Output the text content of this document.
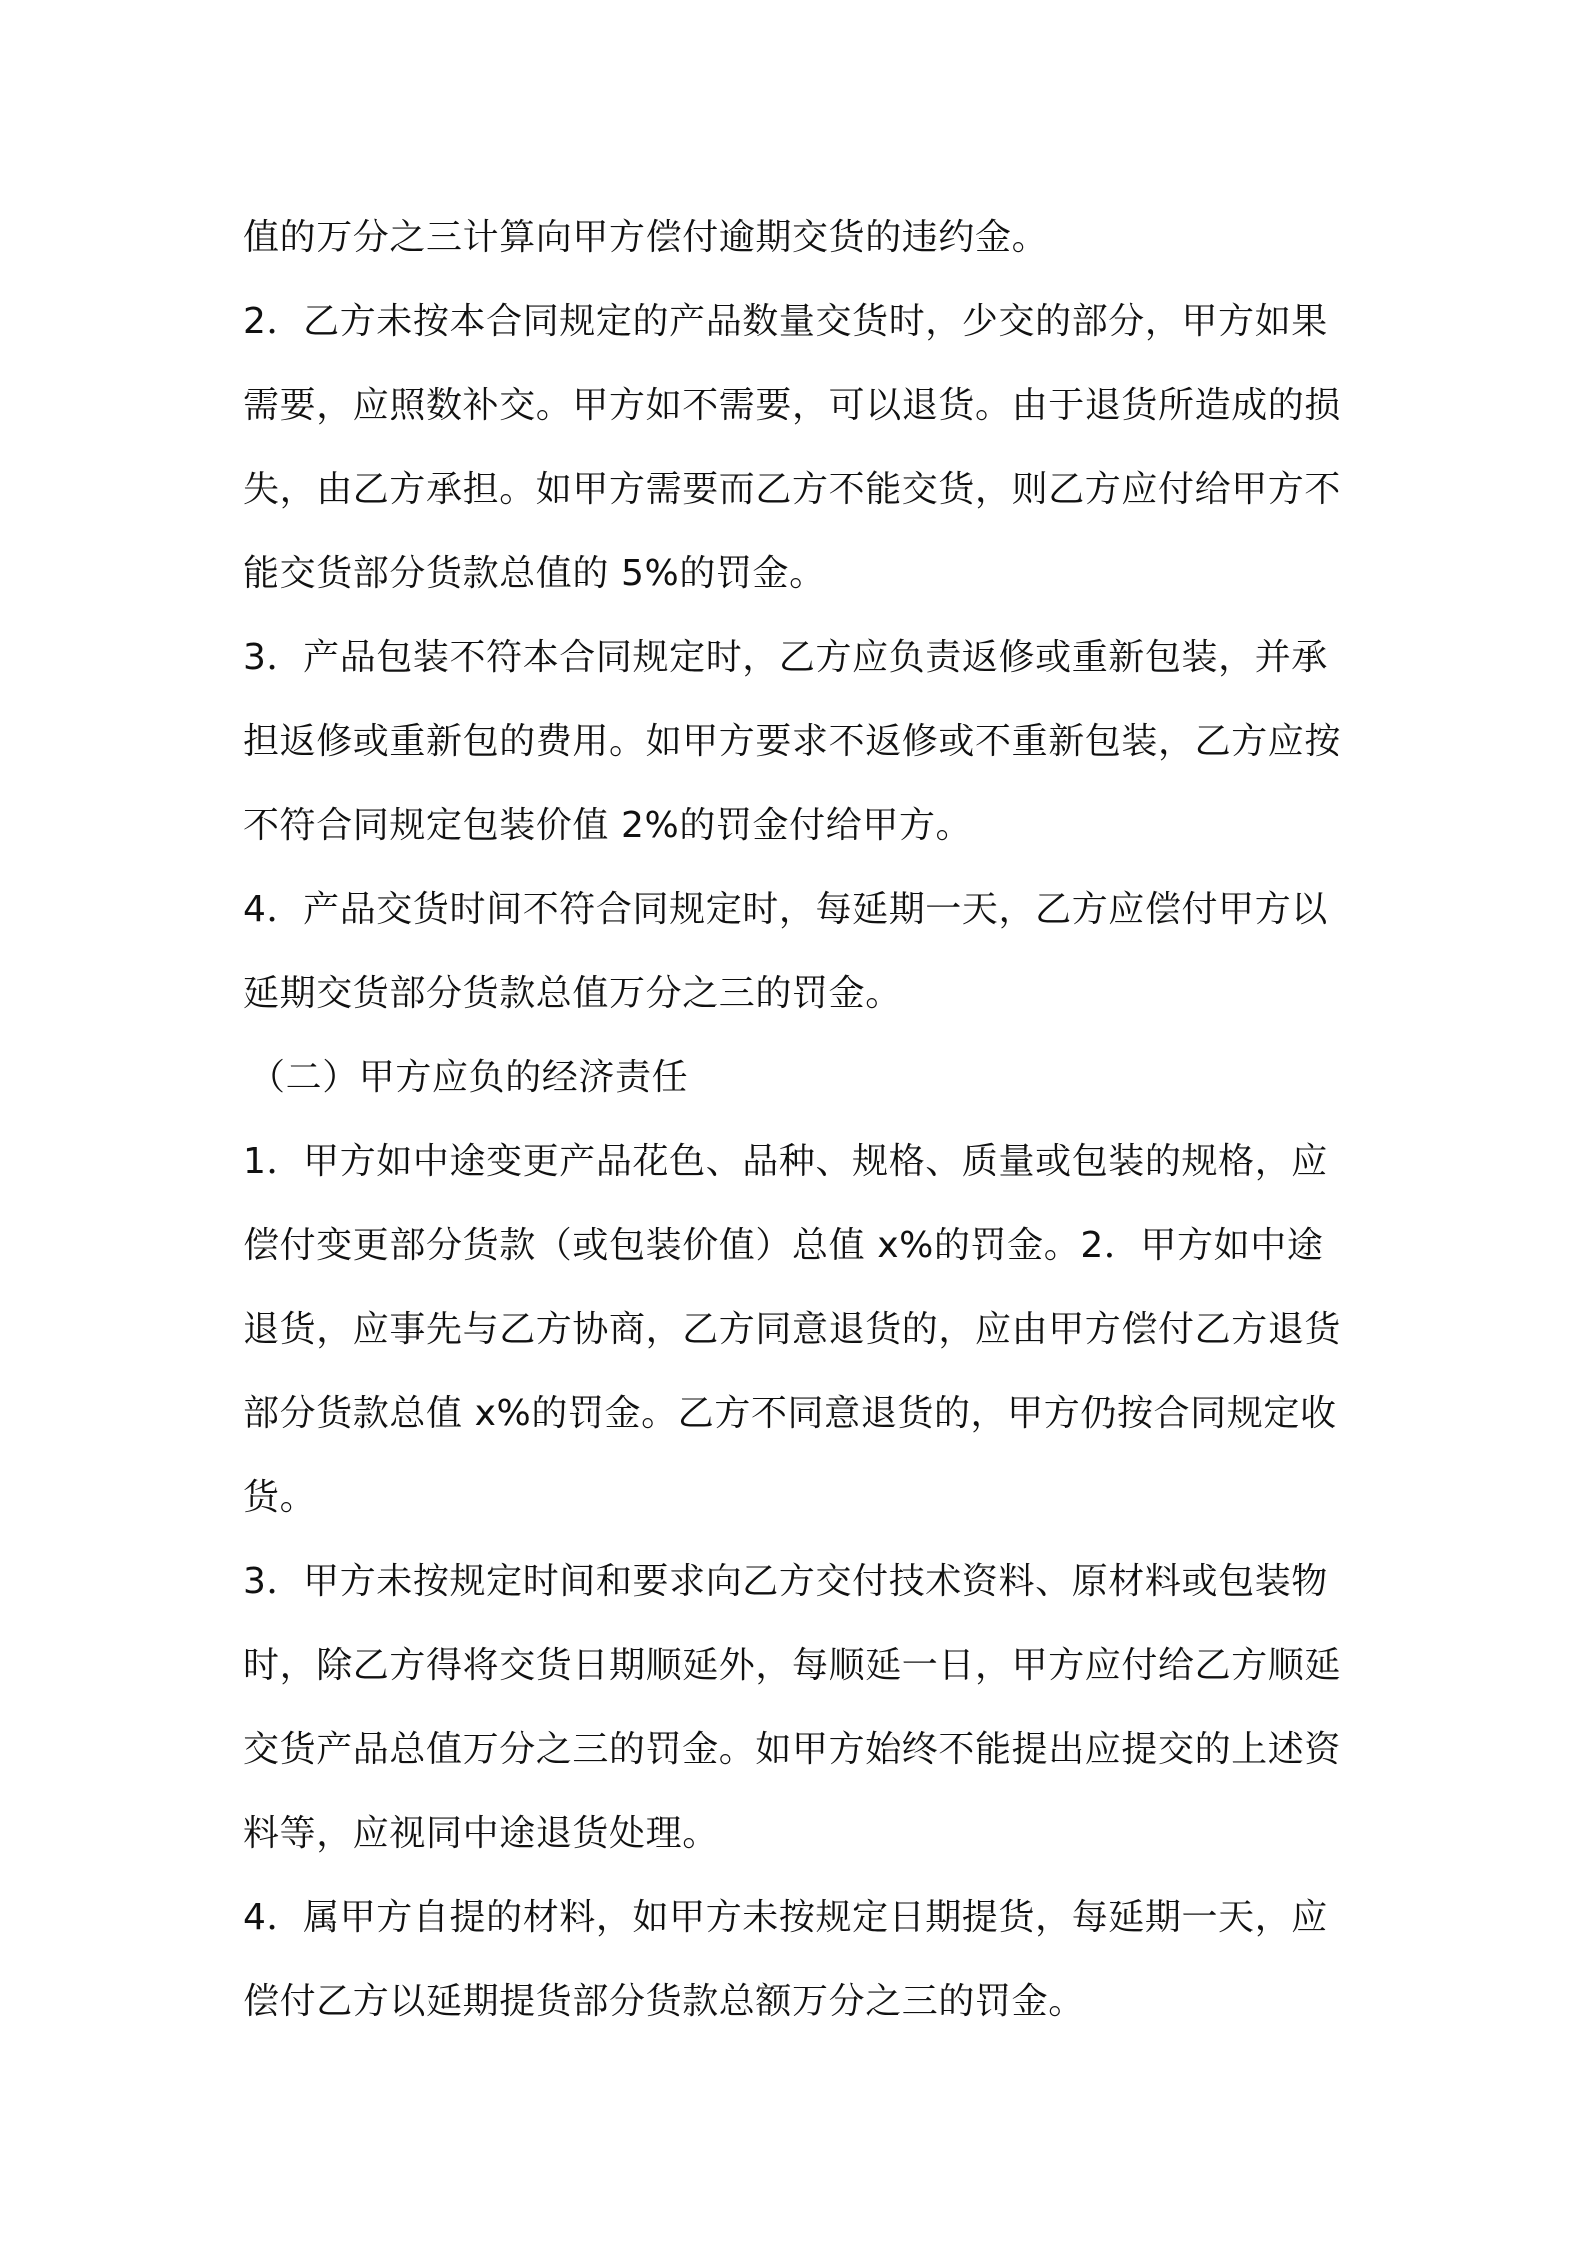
值的万分之三计算向甲方偿付逾期交货的违约金。
2．乙方未按本合同规定的产品数量交货时，少交的部分，甲方如果
需要，应照数补交。甲方如不需要，可以退货。由于退货所造成的损
失，由乙方承担。如甲方需要而乙方不能交货，则乙方应付给甲方不
能交货部分货款总值的 5%的罚金。
3．产品包装不符本合同规定时，乙方应负责返修或重新包装，并承
担返修或重新包的费用。如甲方要求不返修或不重新包装，乙方应按
不符合同规定包装价值 2%的罚金付给甲方。
4．产品交货时间不符合同规定时，每延期一天，乙方应偿付甲方以
延期交货部分货款总值万分之三的罚金。
（二）甲方应负的经济责任
1．甲方如中途变更产品花色、品种、规格、质量或包装的规格，应
偿付变更部分货款（或包装价值）总值 x%的罚金。2．甲方如中途
退货，应事先与乙方协商，乙方同意退货的，应由甲方偿付乙方退货
部分货款总值 x%的罚金。乙方不同意退货的，甲方仍按合同规定收
货。
3．甲方未按规定时间和要求向乙方交付技术资料、原材料或包装物
时，除乙方得将交货日期顺延外，每顺延一日，甲方应付给乙方顺延
交货产品总值万分之三的罚金。如甲方始终不能提出应提交的上述资
料等，应视同中途退货处理。
4．属甲方自提的材料，如甲方未按规定日期提货，每延期一天，应
偿付乙方以延期提货部分货款总额万分之三的罚金。
